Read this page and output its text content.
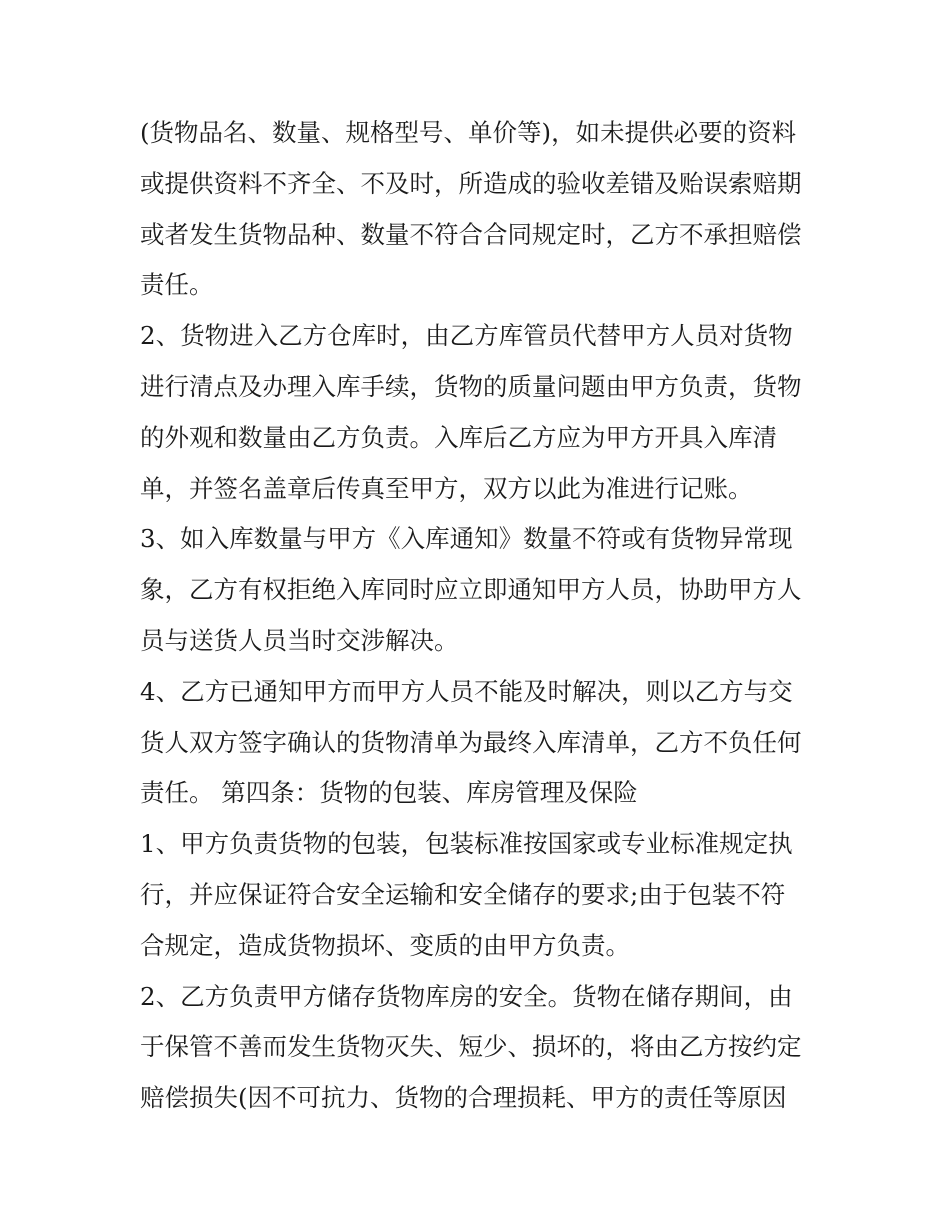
(货物品名、数量、规格型号、单价等)，如未提供必要的资料
或提供资料不齐全、不及时，所造成的验收差错及贻误索赔期
或者发生货物品种、数量不符合合同规定时，乙方不承担赔偿
责任。
2、货物进入乙方仓库时，由乙方库管员代替甲方人员对货物
进行清点及办理入库手续，货物的质量问题由甲方负责，货物
的外观和数量由乙方负责。入库后乙方应为甲方开具入库清
单，并签名盖章后传真至甲方，双方以此为准进行记账。
3、如入库数量与甲方《入库通知》数量不符或有货物异常现
象，乙方有权拒绝入库同时应立即通知甲方人员，协助甲方人
员与送货人员当时交涉解决。
4、乙方已通知甲方而甲方人员不能及时解决，则以乙方与交
货人双方签字确认的货物清单为最终入库清单，乙方不负任何
责任。 第四条：货物的包装、库房管理及保险
1、甲方负责货物的包装，包装标准按国家或专业标准规定执
行，并应保证符合安全运输和安全储存的要求;由于包装不符
合规定，造成货物损坏、变质的由甲方负责。
2、乙方负责甲方储存货物库房的安全。货物在储存期间，由
于保管不善而发生货物灭失、短少、损坏的，将由乙方按约定
赔偿损失(因不可抗力、货物的合理损耗、甲方的责任等原因
